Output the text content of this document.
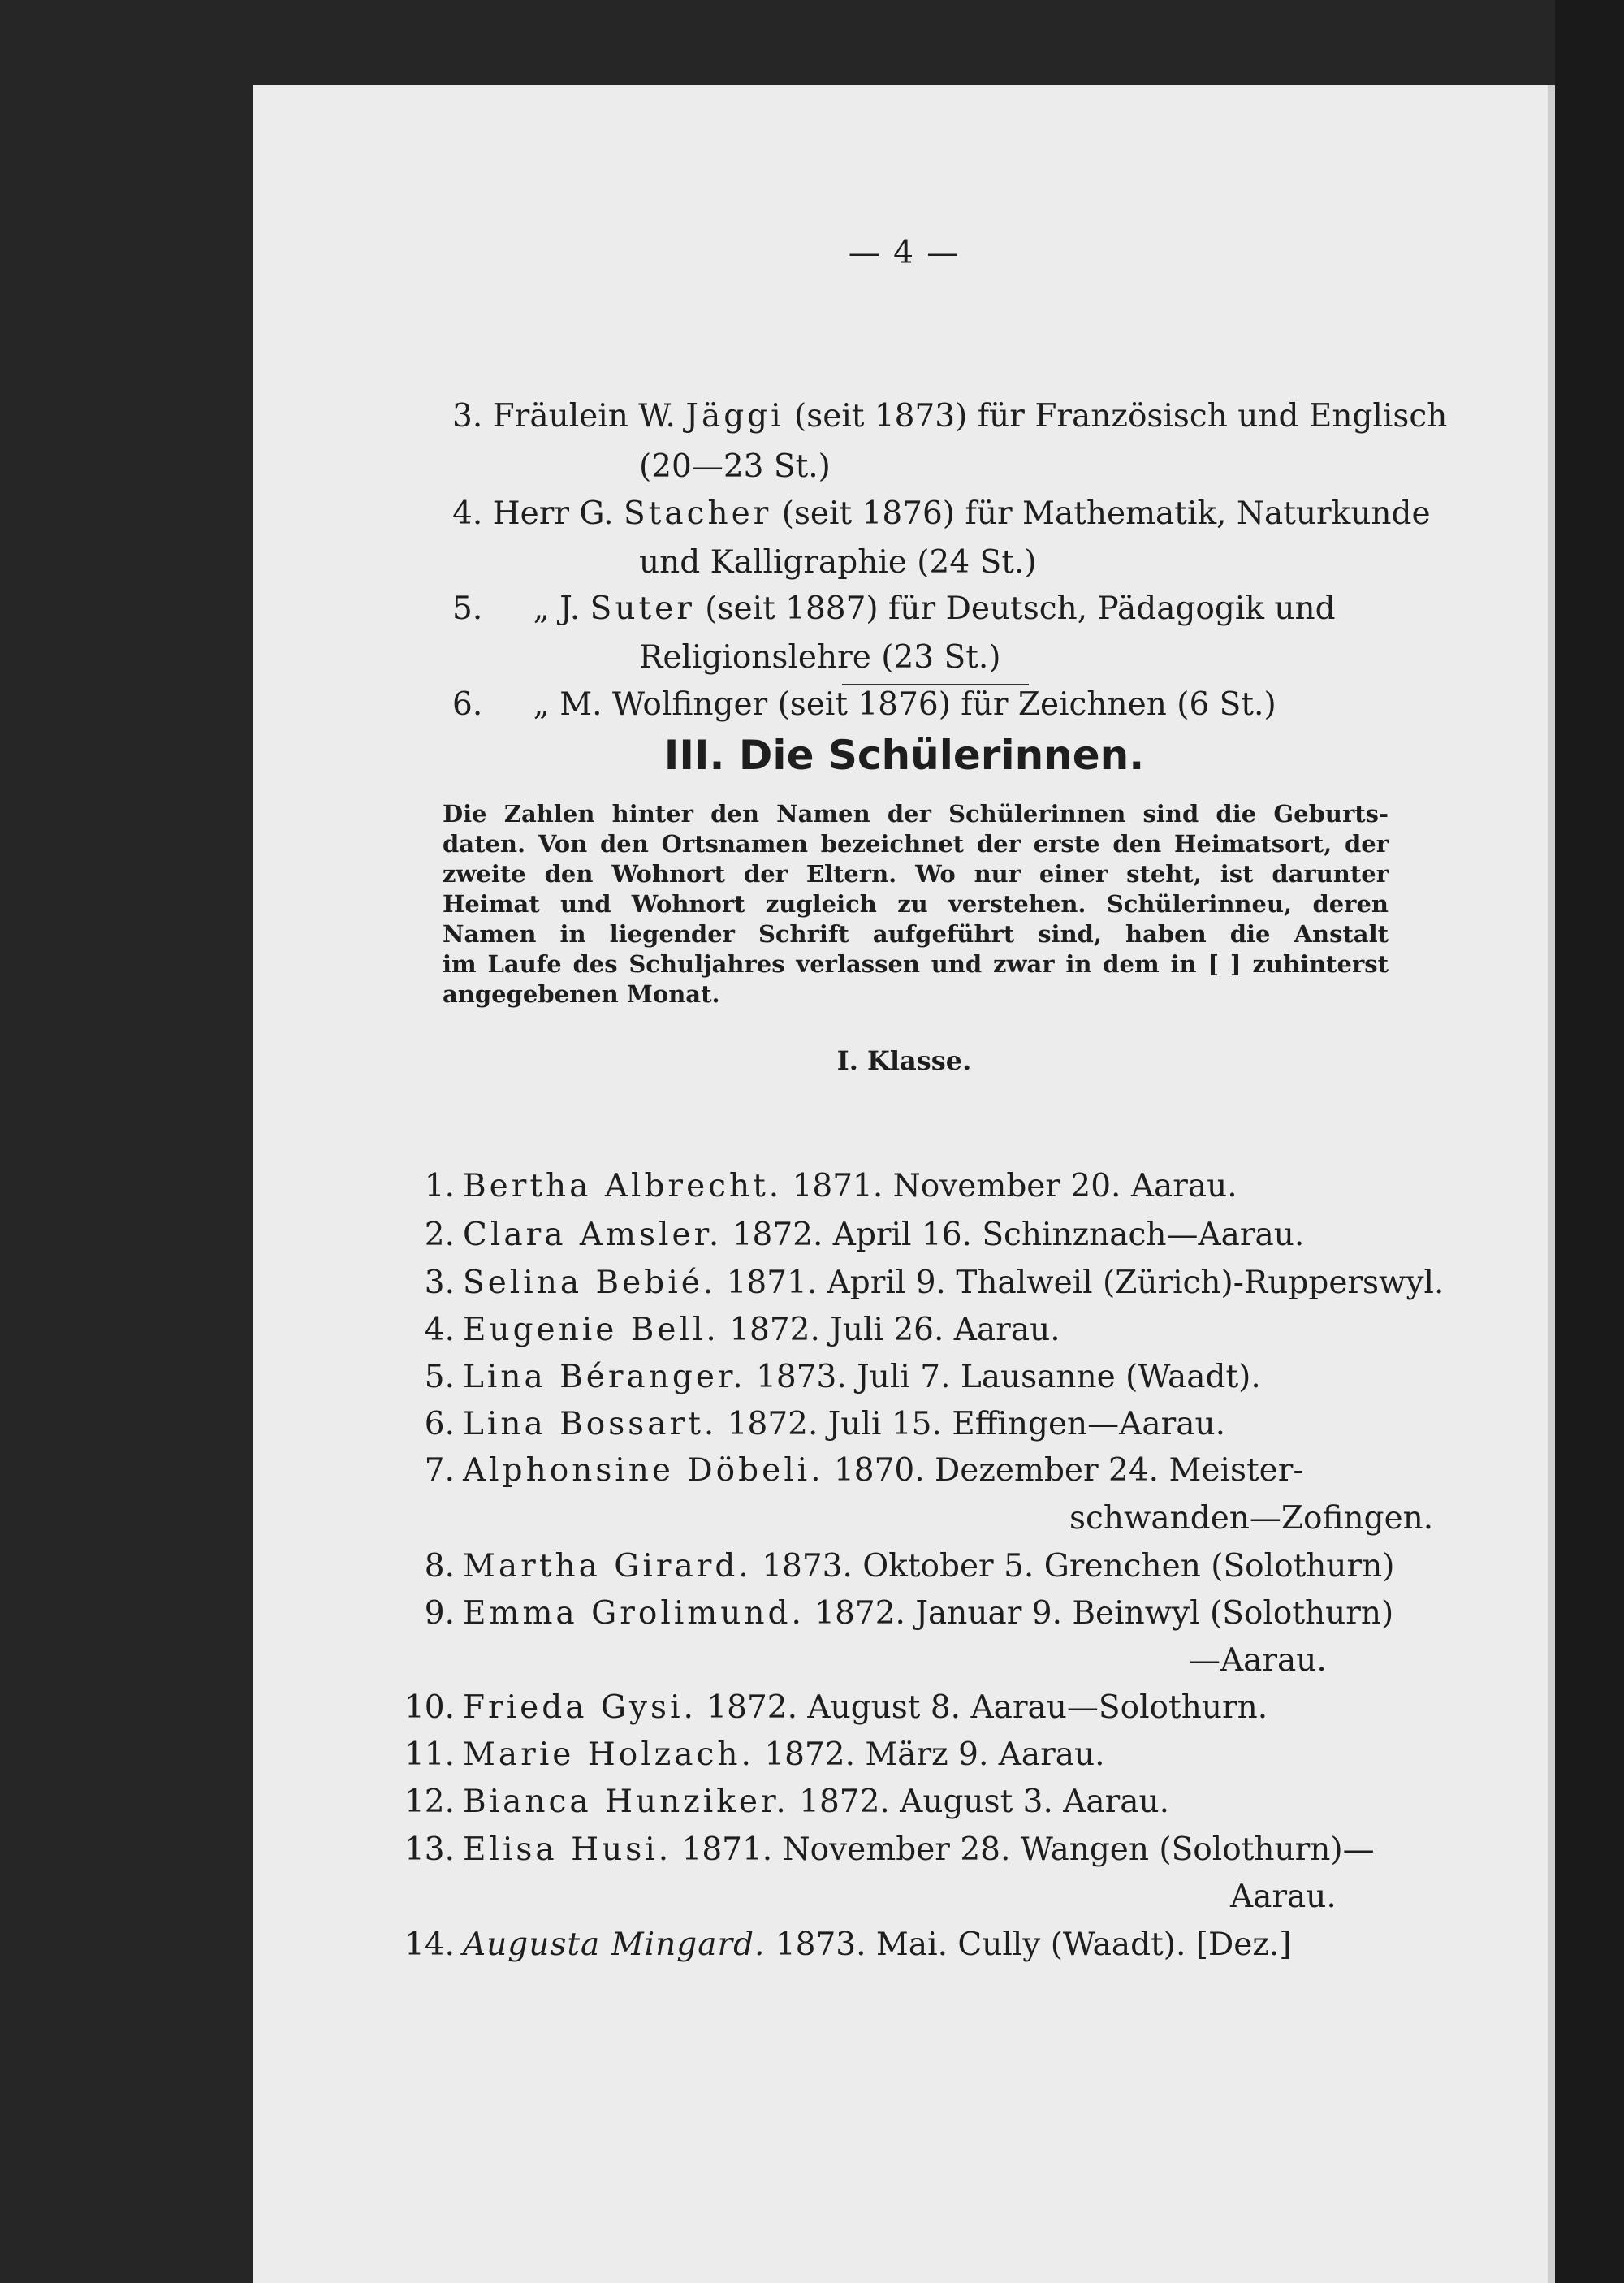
— 4 —
3. Fräulein W. Jäggi (seit 1873) für Französisch und Englisch
(20—23 St.)
4. Herr G. Stacher (seit 1876) für Mathematik, Naturkunde
und Kalligraphie (24 St.)
5. „ J. Suter (seit 1887) für Deutsch, Pädagogik und
Religionslehre (23 St.)
6. „ M. Wolfinger (seit 1876) für Zeichnen (6 St.)
III. Die Schülerinnen.
Die Zahlen hinter den Namen der Schülerinnen sind die Geburts-
daten. Von den Ortsnamen bezeichnet der erste den Heimatsort, der
zweite den Wohnort der Eltern. Wo nur einer steht, ist darunter
Heimat und Wohnort zugleich zu verstehen. Schülerinneu, deren
Namen in liegender Schrift aufgeführt sind, haben die Anstalt
im Laufe des Schuljahres verlassen und zwar in dem in [ ] zuhinterst
angegebenen Monat.
I. Klasse.
1. Bertha Albrecht. 1871. November 20. Aarau.
2. Clara Amsler. 1872. April 16. Schinznach—Aarau.
3. Selina Bebié. 1871. April 9. Thalweil (Zürich)-Rupperswyl.
4. Eugenie Bell. 1872. Juli 26. Aarau.
5. Lina Béranger. 1873. Juli 7. Lausanne (Waadt).
6. Lina Bossart. 1872. Juli 15. Effingen—Aarau.
7. Alphonsine Döbeli. 1870. Dezember 24. Meister-
schwanden—Zofingen.
8. Martha Girard. 1873. Oktober 5. Grenchen (Solothurn)
9. Emma Grolimund. 1872. Januar 9. Beinwyl (Solothurn)
—Aarau.
10. Frieda Gysi. 1872. August 8. Aarau—Solothurn.
11. Marie Holzach. 1872. März 9. Aarau.
12. Bianca Hunziker. 1872. August 3. Aarau.
13. Elisa Husi. 1871. November 28. Wangen (Solothurn)—
Aarau.
14. Augusta Mingard. 1873. Mai. Cully (Waadt). [Dez.]
